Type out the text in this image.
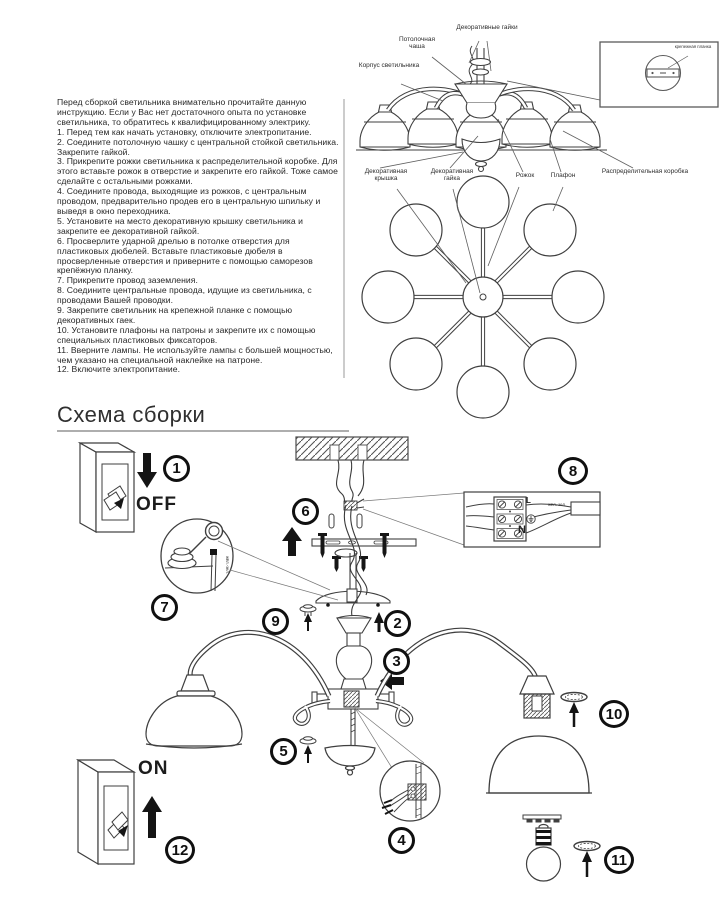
жёл.-зел.
Перед сборкой светильника внимательно прочитайте данную инструкцию. Если у Вас нет достаточного опыта по установке светильника, то обратитесь к квалифицированному электрику.
1. Перед тем как начать установку, отключите электропитание.
2. Соедините потолочную чашку с центральной стойкой светильника. Закрепите гайкой.
3. Прикрепите рожки светильника к распределительной коробке. Для этого вставьте рожок в отверстие и закрепите его гайкой. Тоже самое сделайте с остальными рожками.
4. Соедините провода, выходящие из рожков, с центральным проводом, предварительно продев его в центральную шпильку и выведя в окно переходника.
5. Установите на место декоративную крышку светильника и закрепите ее декоративной гайкой.
6. Просверлите ударной дрелью в потолке отверстия для пластиковых дюбелей. Вставьте пластиковые дюбеля в просверленные отверстия и приверните с помощью саморезов крепёжную планку.
7. Прикрепите провод заземления.
8. Соедините центральные провода, идущие из светильника, с проводами Вашей проводки.
9. Закрепите светильник на крепежной планке с помощью декоративных гаек.
10. Установите плафоны на патроны и закрепите их с помощью специальных пластиковых фиксаторов.
11. Вверните лампы. Не используйте лампы с большей мощностью, чем указано на специальной наклейке на патроне.
12. Включите электропитание.
Потолочная чаша
Декоративные гайки
Корпус светильника
крепежная планка
Декоративная крышка
Декоративная гайка	Рожок	Плафон
Распределительная коробка
Схема сборки
OFF
ON
L
N
жёл.-зел.
1
2
3
4
5
6
7
8
9
10
11
12
